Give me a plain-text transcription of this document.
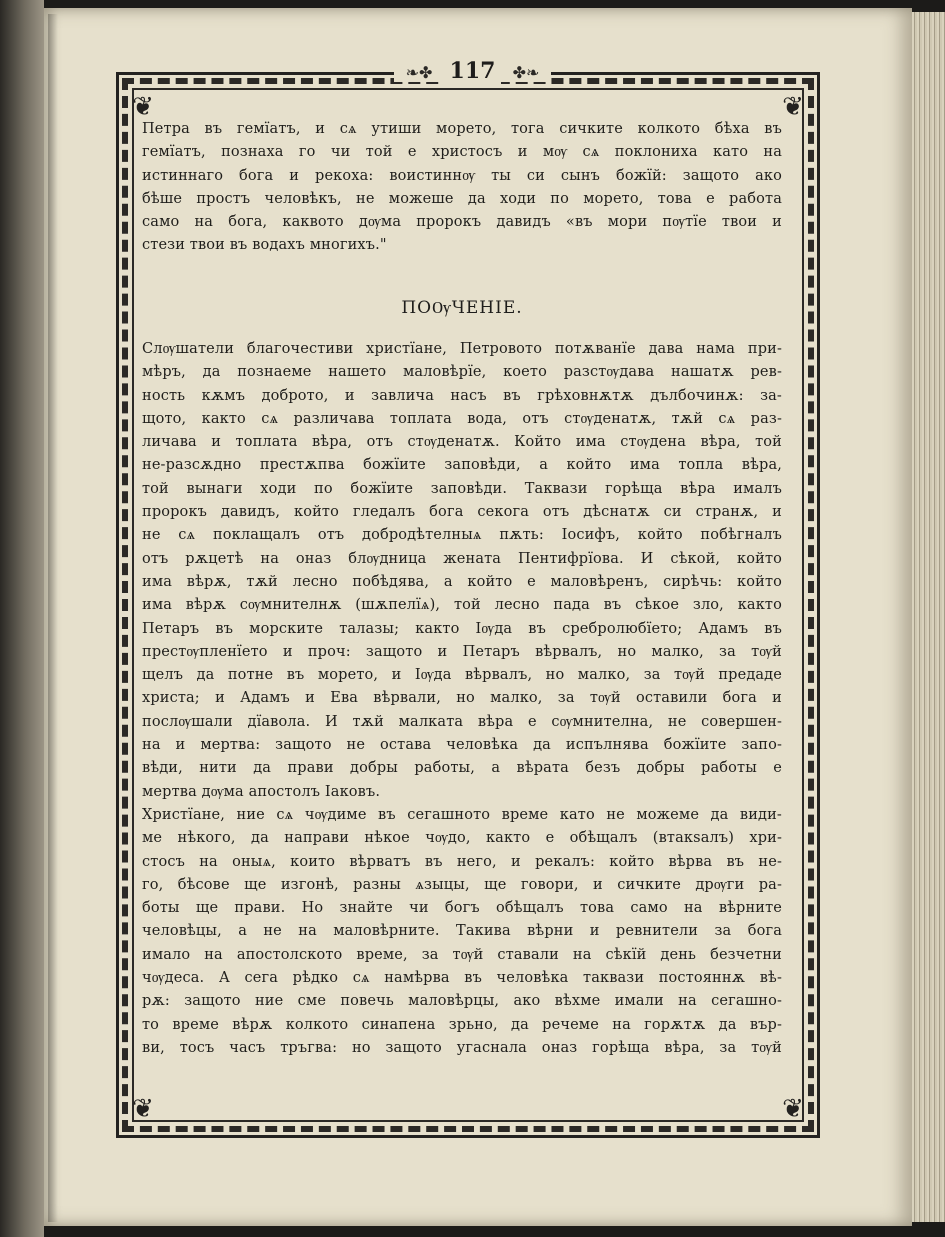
❦	❦
❦	❦
❧✤ 117 ✤❧
Петра въ гемїатъ, и сѧ утиши морето, тога сичките колкото бѣха въ
гемїатъ, познаха го чи той е христосъ и мѹ сѧ поклониха като на
истиннаго бога и рекоха: воистиннѹ ты си сынъ божїй: защото ако
бѣше простъ человѣкъ, не можеше да ходи по морето, това е работа
само на бога, каквото дѹма пророкъ давидъ «въ мори пѹтїе твои и
стези твои въ водахъ многихъ."
ПОѸЧЕНІЕ.
Слѹшатели благочестиви христїане, Петровото потѫванїе дава нама при-
мѣръ, да познаеме нашето маловѣрїе, което разстѹдава нашатѫ рев-
ность кѫмъ доброто, и завлича насъ въ грѣховнѫтѫ дълбочинѫ: за-
щото, както сѧ различава топлата вода, отъ стѹденатѫ, тѫй сѧ раз-
личава и топлата вѣра, отъ стѹденатѫ. Който има стѹдена вѣра, той
не-разсѫдно престѫпва божїите заповѣди, а който има топла вѣра,
той вынаги ходи по божїите заповѣди. Таквази горѣща вѣра ималъ
пророкъ давидъ, който гледалъ бога секога отъ дѣснатѫ си странѫ, и
не сѧ поклащалъ отъ добродѣтелныѧ пѫть: Іосифъ, който побѣгналъ
отъ рѫцетѣ на оназ блѹдница жената Пентифрїова. И сѣкой, който
има вѣрѫ, тѫй лесно побѣдява, а който е маловѣренъ, сирѣчь: който
има вѣрѫ сѹмнителнѫ (шѫпелїѧ), той лесно пада въ сѣкое зло, както
Петаръ въ морските талазы; както Іѹда въ сребролюбїето; Адамъ въ
престѹпленїето и проч: защото и Петаръ вѣрвалъ, но малко, за тѹй
щелъ да потне въ морето, и Іѹда вѣрвалъ, но малко, за тѹй предаде
христа; и Адамъ и Ева вѣрвали, но малко, за тѹй оставили бога и
послѹшали дїавола. И тѫй малката вѣра е сѹмнителна, не совершен-
на и мертва: защото не остава человѣка да испълнява божїите запо-
вѣди, нити да прави добры работы, а вѣрата безъ добры работы е
мертва дѹма апостолъ Іаковъ.
Христїане, ние сѧ чѹдиме въ сегашното време като не можеме да види-
ме нѣкого, да направи нѣкое чѹдо, както е обѣщалъ (втакsалъ) хри-
стосъ на оныѧ, които вѣрватъ въ него, и рекалъ: който вѣрва въ не-
го, бѣсове ще изгонѣ, разны ѧзыцы, ще говори, и сичките дрѹги ра-
боты ще прави. Но знайте чи богъ обѣщалъ това само на вѣрните
человѣцы, а не на маловѣрните. Такива вѣрни и ревнители за бога
имало на апостолското време, за тѹй ставали на сѣкїй день безчетни
чѹдеса. А сега рѣдко сѧ намѣрва въ человѣка таквази постояннѫ вѣ-
рѫ: защото ние сме повечь маловѣрцы, ако вѣхме имали на сегашно-
то време вѣрѫ колкото синапена зрьно, да речеме на горѫтѫ да вър-
ви, тосъ часъ тръгва: но защото угаснала оназ горѣща вѣра, за тѹй
